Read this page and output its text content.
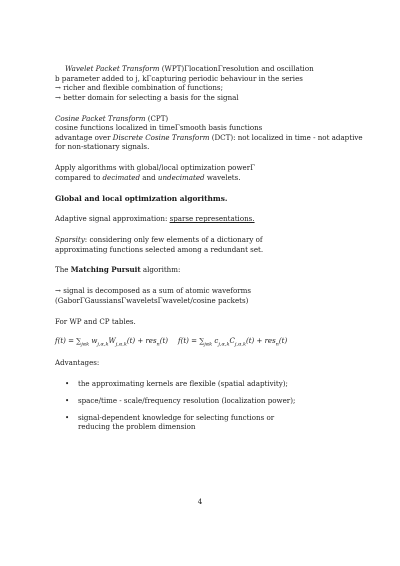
Wavelet Packet Transform (WPT)ΓlocationΓresolution and oscillation
b parameter added to j, kΓcapturing periodic behaviour in the series
→ richer and flexible combination of functions;
→ better domain for selecting a basis for the signal
Cosine Packet Transform (CPT)
cosine functions localized in timeΓsmooth basis functions
advantage over Discrete Cosine Transform (DCT): not localized in time - not adaptive
for non-stationary signals.
Apply algorithms with global/local optimization powerΓ
compared to decimated and undecimated wavelets.
Global and local optimization algorithms.
Adaptive signal approximation: sparse representations.
Sparsity: considering only few elements of a dictionary of
approximating functions selected among a redundant set.
The Matching Pursuit algorithm:
→ signal is decomposed as a sum of atomic waveforms
(GaborΓGaussiansΓwaveletsΓwavelet/cosine packets)
For WP and CP tables.
$f(t) = \sum_{j\alpha k}$ $w_{j,\alpha,k}W_{j,\alpha,k}(t) + res_n(t) f(t) = \sum_{j\alpha k}$ $c_{j,\alpha,k}C_{j,\alpha,k}(t) + res_n(t)$
Advantages:
• the approximating kernels are flexible (spatial adaptivity);
• space/time - scale/frequency resolution (localization power);
• signal-dependent knowledge for selecting functions or
reducing the problem dimension
4
